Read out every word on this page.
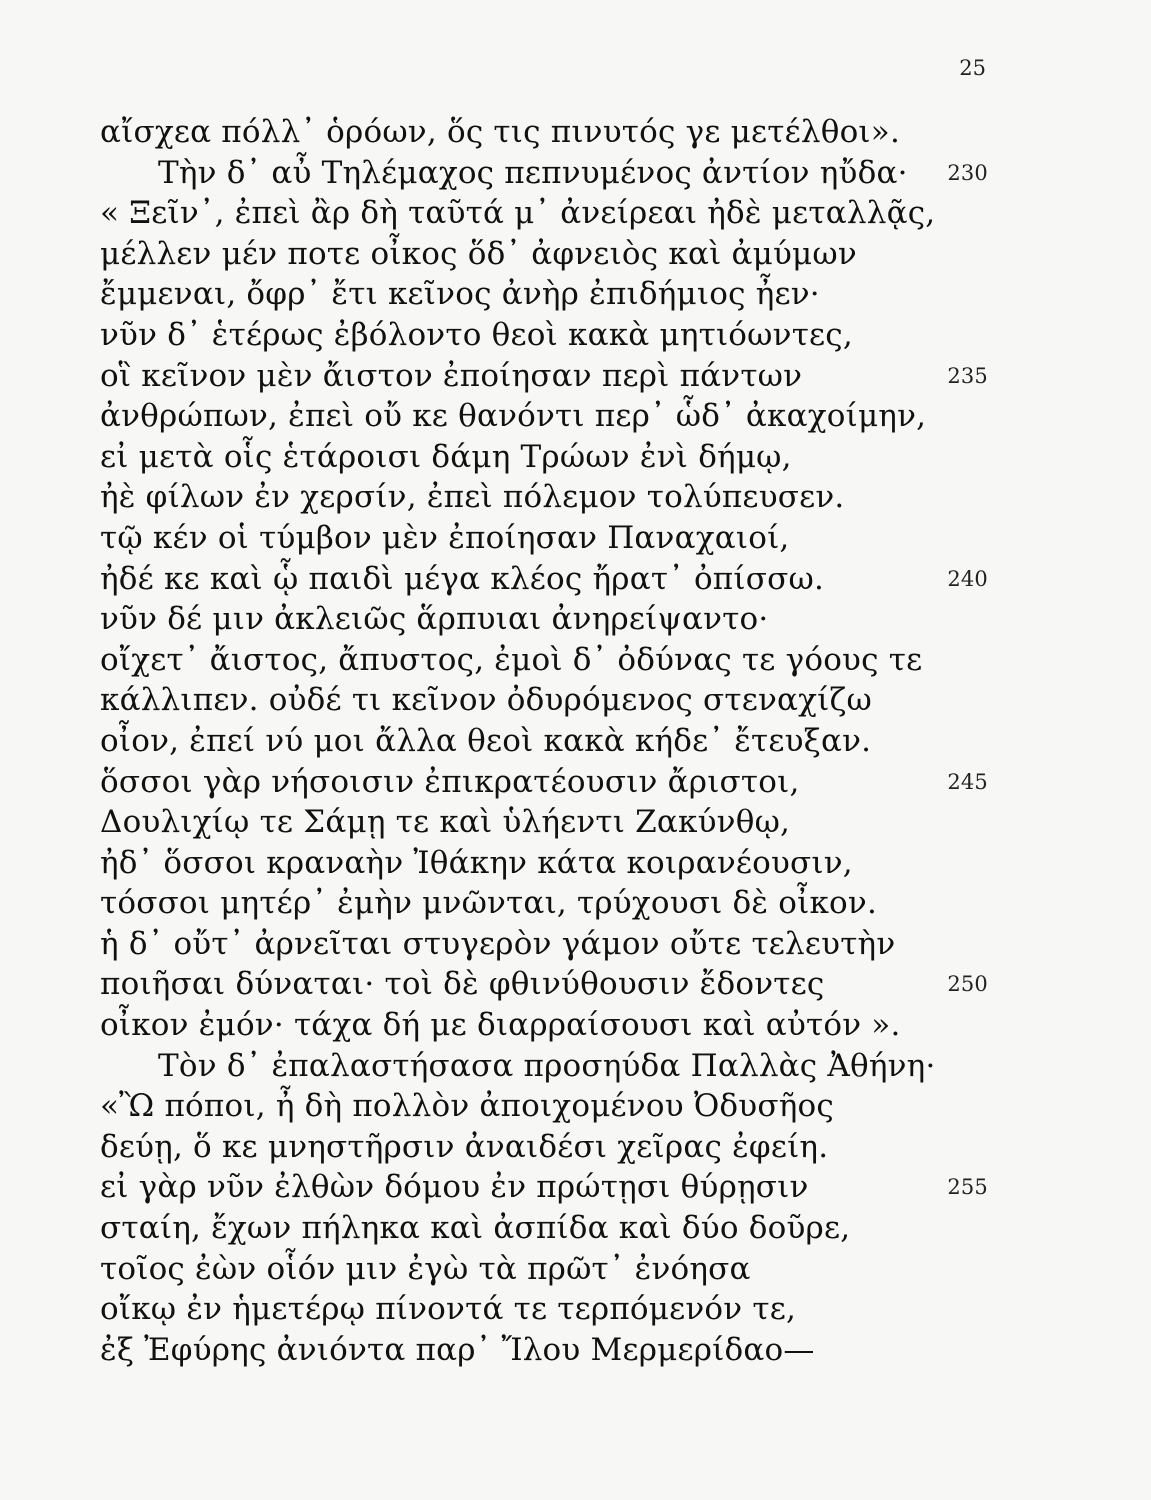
25
αἴσχεα πόλλ᾽ ὁρόων, ὅς τις πινυτός γε μετέλθοι».
Τὴν δ᾽ αὖ Τηλέμαχος πεπνυμένος ἀντίον ηὔδα· 230
« Ξεῖν᾽, ἐπεὶ ἂρ δὴ ταῦτά μ᾽ ἀνείρεαι ἠδὲ μεταλλᾷς,
μέλλεν μέν ποτε οἶκος ὅδ᾽ ἀφνειὸς καὶ ἀμύμων
ἔμμεναι, ὄφρ᾽ ἔτι κεῖνος ἀνὴρ ἐπιδήμιος ἦεν·
νῦν δ᾽ ἑτέρως ἐβόλοντο θεοὶ κακὰ μητιόωντες,
οἳ κεῖνον μὲν ἄιστον ἐποίησαν περὶ πάντων	235
ἀνθρώπων, ἐπεὶ οὔ κε θανόντι περ᾽ ὧδ᾽ ἀκαχοίμην,
εἰ μετὰ οἷς ἑτάροισι δάμη Τρώων ἐνὶ δήμῳ,
ἠὲ φίλων ἐν χερσίν, ἐπεὶ πόλεμον τολύπευσεν.
τῷ κέν οἱ τύμβον μὲν ἐποίησαν Παναχαιοί,
ἠδέ κε καὶ ᾧ παιδὶ μέγα κλέος ἤρατ᾽ ὀπίσσω.	240
νῦν δέ μιν ἀκλειῶς ἅρπυιαι ἀνηρείψαντο·
οἴχετ᾽ ἄιστος, ἄπυστος, ἐμοὶ δ᾽ ὀδύνας τε γόους τε
κάλλιπεν. οὐδέ τι κεῖνον ὀδυρόμενος στεναχίζω
οἶον, ἐπεί νύ μοι ἄλλα θεοὶ κακὰ κήδε᾽ ἔτευξαν.
ὅσσοι γὰρ νήσοισιν ἐπικρατέουσιν ἄριστοι,	245
Δουλιχίῳ τε Σάμῃ τε καὶ ὑλήεντι Ζακύνθῳ,
ἠδ᾽ ὅσσοι κραναὴν Ἰθάκην κάτα κοιρανέουσιν,
τόσσοι μητέρ᾽ ἐμὴν μνῶνται, τρύχουσι δὲ οἶκον.
ἡ δ᾽ οὔτ᾽ ἀρνεῖται στυγερὸν γάμον οὔτε τελευτὴν
ποιῆσαι δύναται· τοὶ δὲ φθινύθουσιν ἔδοντες	250
οἶκον ἐμόν· τάχα δή με διαρραίσουσι καὶ αὐτόν ».
Τὸν δ᾽ ἐπαλαστήσασα προσηύδα Παλλὰς Ἀθήνη·
«Ὢ πόποι, ἦ δὴ πολλὸν ἀποιχομένου Ὀδυσῆος
δεύῃ, ὅ κε μνηστῆρσιν ἀναιδέσι χεῖρας ἐφείη.
εἰ γὰρ νῦν ἐλθὼν δόμου ἐν πρώτῃσι θύρῃσιν	255
σταίη, ἔχων πήληκα καὶ ἀσπίδα καὶ δύο δοῦρε,
τοῖος ἐὼν οἷόν μιν ἐγὼ τὰ πρῶτ᾽ ἐνόησα
οἴκῳ ἐν ἡμετέρῳ πίνοντά τε τερπόμενόν τε,
ἐξ Ἐφύρης ἀνιόντα παρ᾽ Ἴλου Μερμερίδαο—
